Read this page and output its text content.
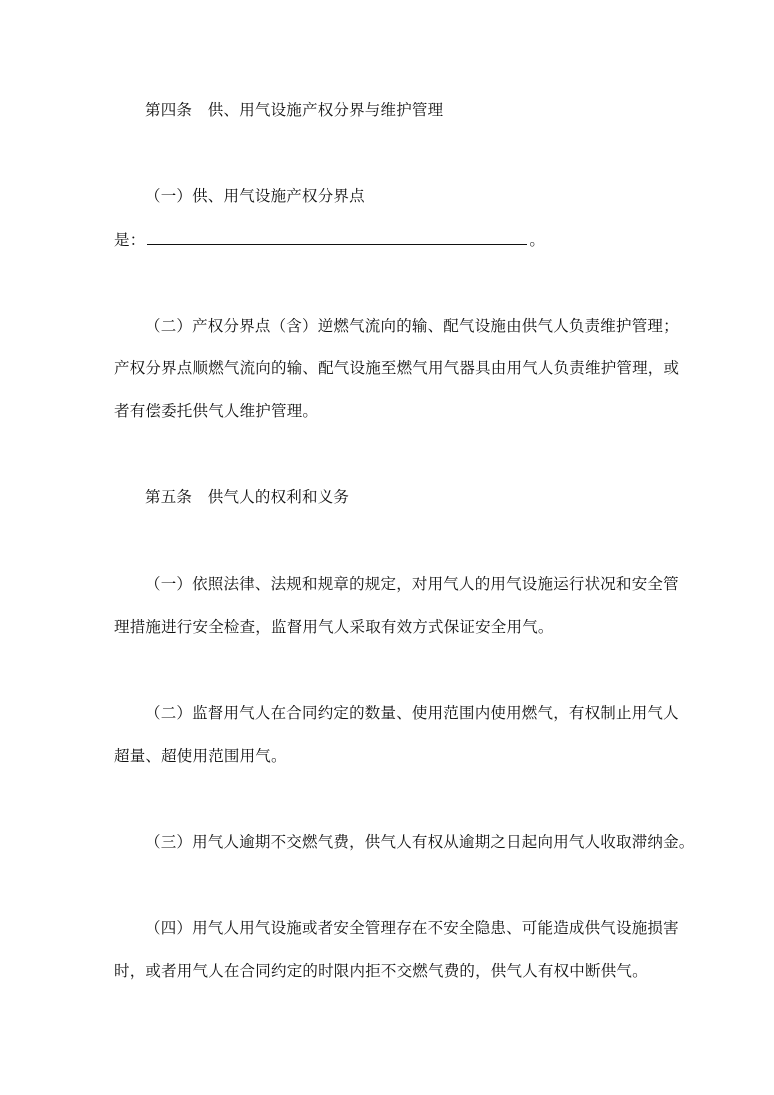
第四条　供、用气设施产权分界与维护管理
（一）供、用气设施产权分界点
是：	。
（二）产权分界点（含）逆燃气流向的输、配气设施由供气人负责维护管理；
产权分界点顺燃气流向的输、配气设施至燃气用气器具由用气人负责维护管理，或
者有偿委托供气人维护管理。
第五条　供气人的权利和义务
（一）依照法律、法规和规章的规定，对用气人的用气设施运行状况和安全管
理措施进行安全检查，监督用气人采取有效方式保证安全用气。
（二）监督用气人在合同约定的数量、使用范围内使用燃气，有权制止用气人
超量、超使用范围用气。
（三）用气人逾期不交燃气费，供气人有权从逾期之日起向用气人收取滞纳金。
（四）用气人用气设施或者安全管理存在不安全隐患、可能造成供气设施损害
时，或者用气人在合同约定的时限内拒不交燃气费的，供气人有权中断供气。
